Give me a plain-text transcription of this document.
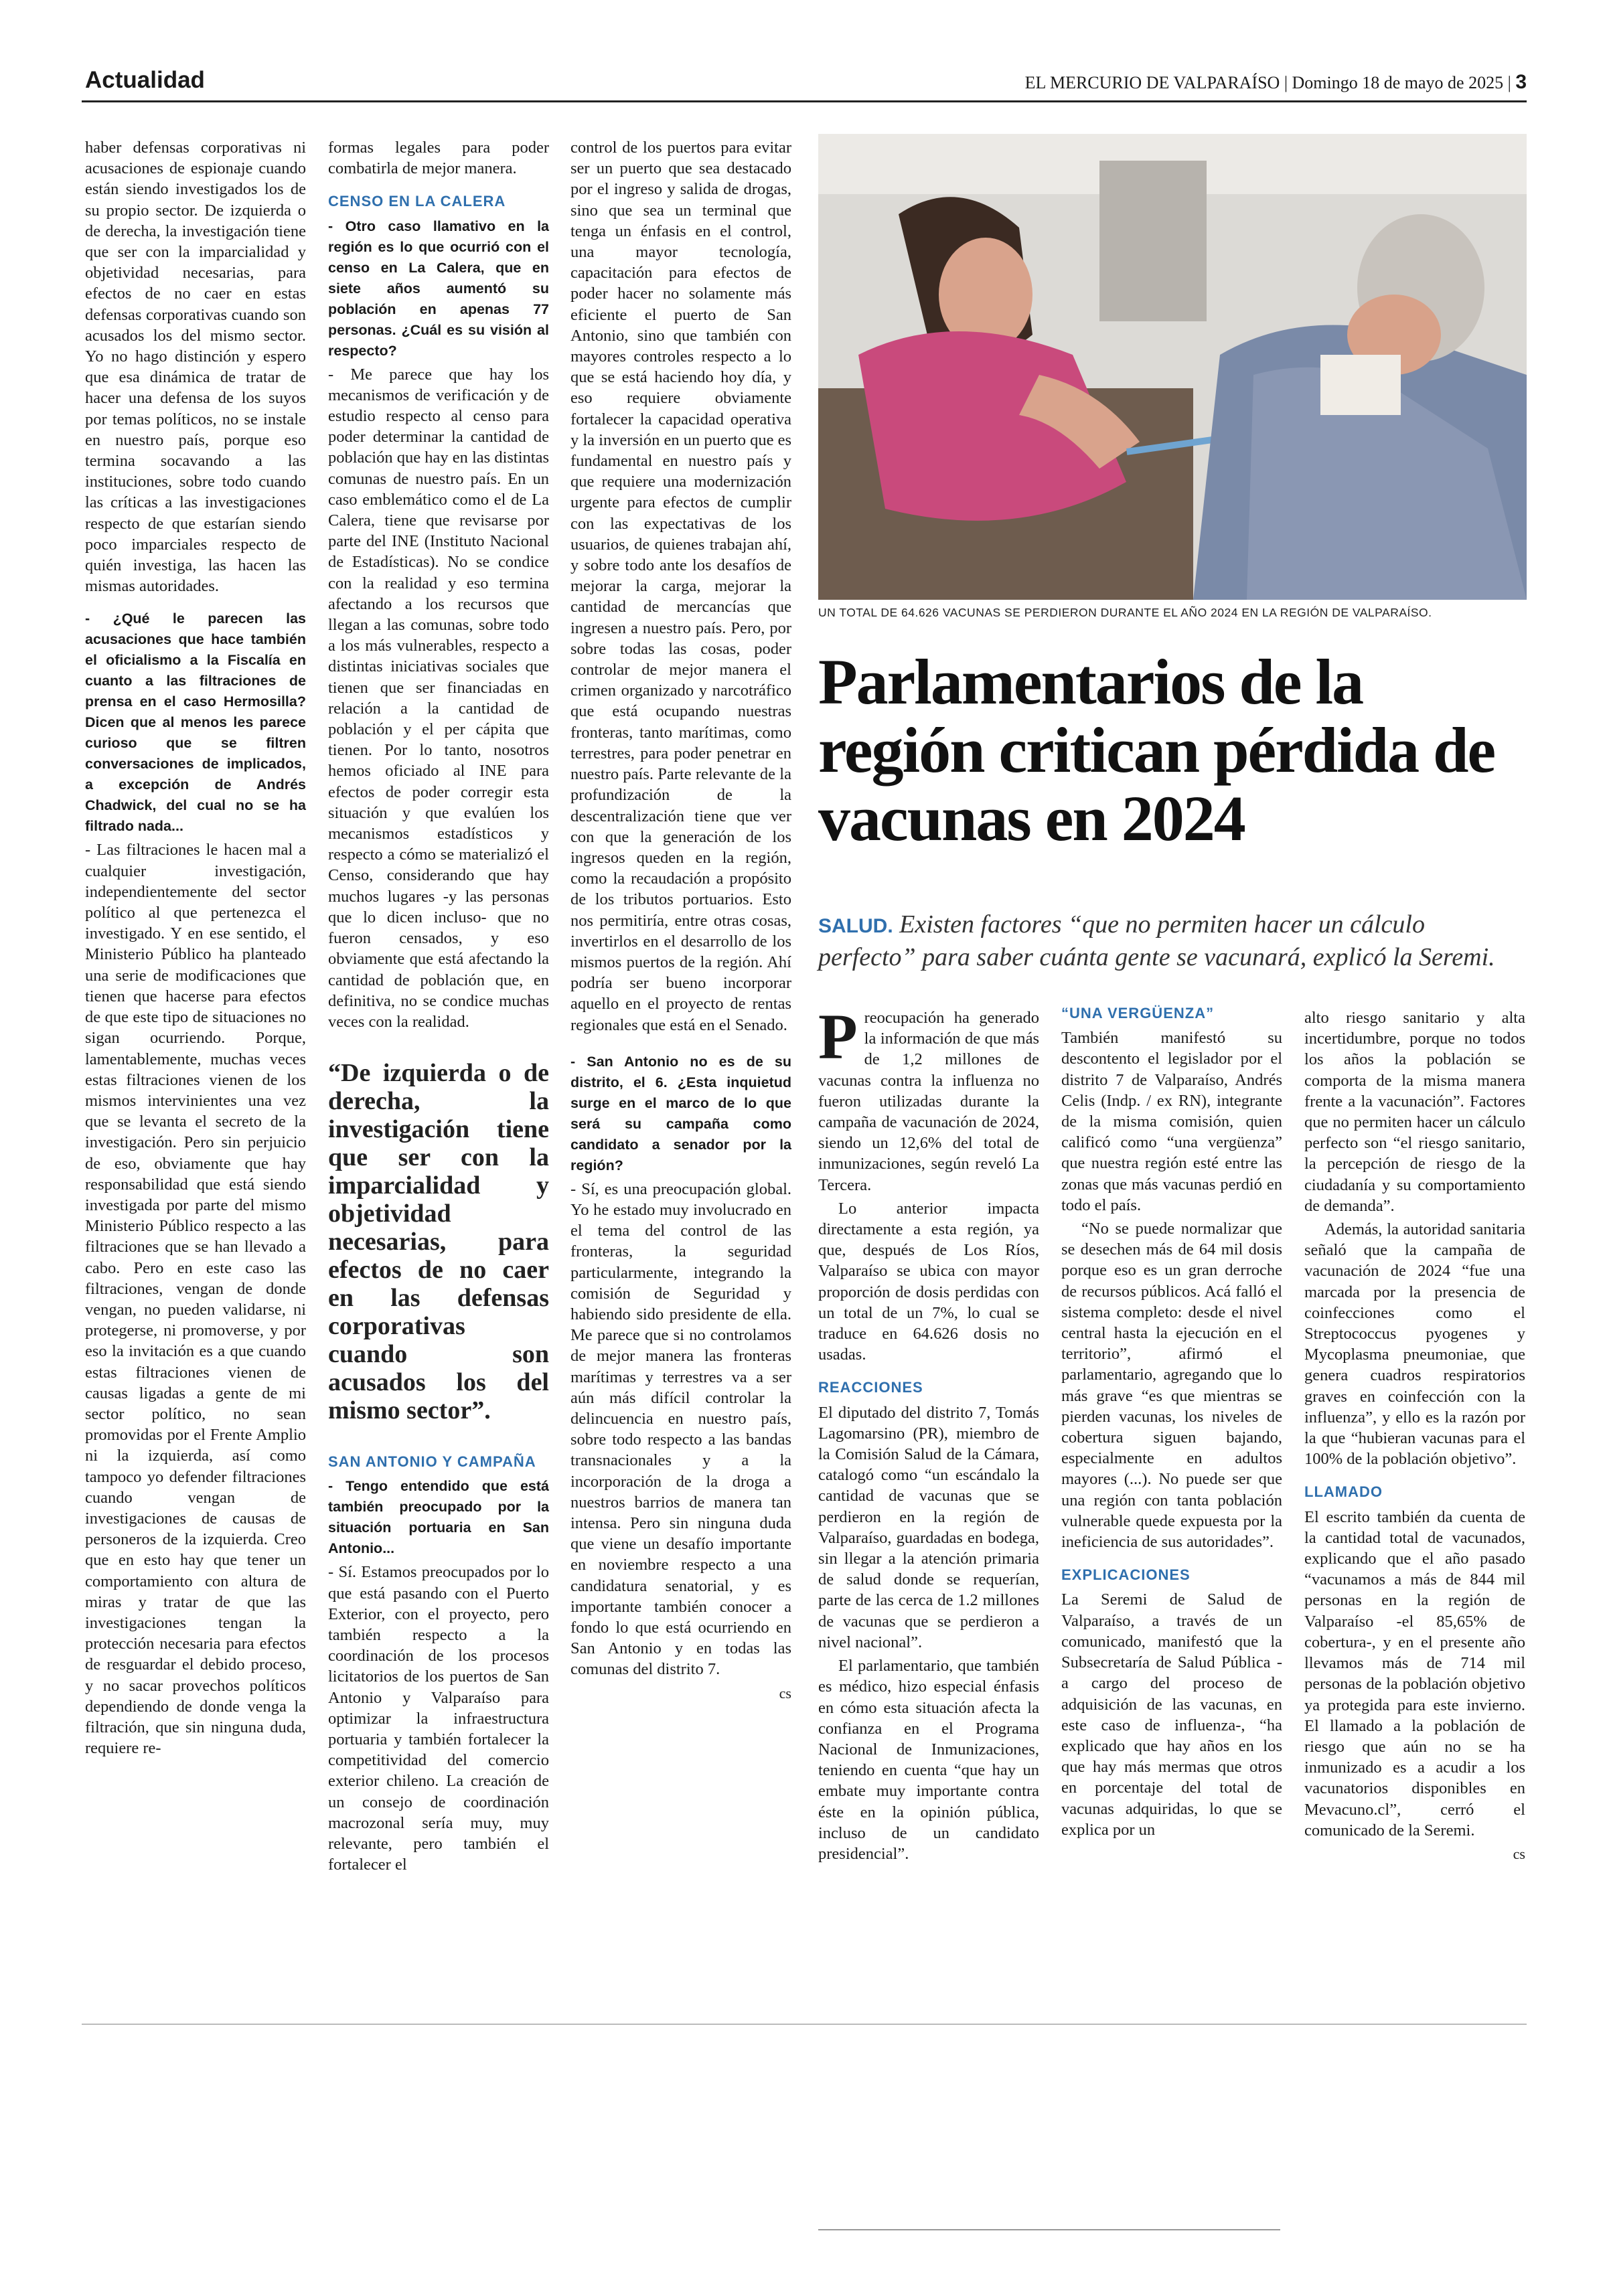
Actualidad	EL MERCURIO DE VALPARAÍSO | Domingo 18 de mayo de 2025 | 3

haber defensas corporativas ni acusaciones de espionaje cuando están siendo investigados los de su propio sector. De izquierda o de derecha, la investigación tiene que ser con la imparcialidad y objetividad necesarias, para efectos de no caer en estas defensas corporativas cuando son acusados los del mismo sector. Yo no hago distinción y espero que esa dinámica de tratar de hacer una defensa de los suyos por temas políticos, no se instale en nuestro país, porque eso termina socavando a las instituciones, sobre todo cuando las críticas a las investigaciones respecto de que estarían siendo poco imparciales respecto de quién investiga, las hacen las mismas autoridades.

- ¿Qué le parecen las acusaciones que hace también el oficialismo a la Fiscalía en cuanto a las filtraciones de prensa en el caso Hermosilla? Dicen que al menos les parece curioso que se filtren conversaciones de implicados, a excepción de Andrés Chadwick, del cual no se ha filtrado nada...

- Las filtraciones le hacen mal a cualquier investigación, independientemente del sector político al que pertenezca el investigado. Y en ese sentido, el Ministerio Público ha planteado una serie de modificaciones que tienen que hacerse para efectos de que este tipo de situaciones no sigan ocurriendo. Porque, lamentablemente, muchas veces estas filtraciones vienen de los mismos intervinientes una vez que se levanta el secreto de la investigación. Pero sin perjuicio de eso, obviamente que hay responsabilidad que está siendo investigada por parte del mismo Ministerio Público respecto a las filtraciones que se han llevado a cabo. Pero en este caso las filtraciones, vengan de donde vengan, no pueden validarse, ni protegerse, ni promoverse, y por eso la invitación es a que cuando estas filtraciones vienen de causas ligadas a gente de mi sector político, no sean promovidas por el Frente Amplio ni la izquierda, así como tampoco yo defender filtraciones cuando vengan de investigaciones de causas de personeros de la izquierda. Creo que en esto hay que tener un comportamiento con altura de miras y tratar de que las investigaciones tengan la protección necesaria para efectos de resguardar el debido proceso, y no sacar provechos políticos dependiendo de donde venga la filtración, que sin ninguna duda, requiere re-

formas legales para poder combatirla de mejor manera.

CENSO EN LA CALERA

- Otro caso llamativo en la región es lo que ocurrió con el censo en La Calera, que en siete años aumentó su población en apenas 77 personas. ¿Cuál es su visión al respecto?

- Me parece que hay los mecanismos de verificación y de estudio respecto al censo para poder determinar la cantidad de población que hay en las distintas comunas de nuestro país. En un caso emblemático como el de La Calera, tiene que revisarse por parte del INE (Instituto Nacional de Estadísticas). No se condice con la realidad y eso termina afectando a los recursos que llegan a las comunas, sobre todo a los más vulnerables, respecto a distintas iniciativas sociales que tienen que ser financiadas en relación a la cantidad de población y el per cápita que tienen. Por lo tanto, nosotros hemos oficiado al INE para efectos de poder corregir esta situación y que evalúen los mecanismos estadísticos y respecto a cómo se materializó el Censo, considerando que hay muchos lugares -y las personas que lo dicen incluso- que no fueron censados, y eso obviamente que está afectando la cantidad de población que, en definitiva, no se condice muchas veces con la realidad.

“De izquierda o de derecha, la investigación tiene que ser con la imparcialidad y objetividad necesarias, para efectos de no caer en las defensas corporativas cuando son acusados los del mismo sector”.
SAN ANTONIO Y CAMPAÑA

- Tengo entendido que está también preocupado por la situación portuaria en San Antonio...

- Sí. Estamos preocupados por lo que está pasando con el Puerto Exterior, con el proyecto, pero también respecto a la coordinación de los procesos licitatorios de los puertos de San Antonio y Valparaíso para optimizar la infraestructura portuaria y también fortalecer la competitividad del comercio exterior chileno. La creación de un consejo de coordinación macrozonal sería muy, muy relevante, pero también el fortalecer el

control de los puertos para evitar ser un puerto que sea destacado por el ingreso y salida de drogas, sino que sea un terminal que tenga un énfasis en el control, una mayor tecnología, capacitación para efectos de poder hacer no solamente más eficiente el puerto de San Antonio, sino que también con mayores controles respecto a lo que se está haciendo hoy día, y eso requiere obviamente fortalecer la capacidad operativa y la inversión en un puerto que es fundamental en nuestro país y que requiere una modernización urgente para efectos de cumplir con las expectativas de los usuarios, de quienes trabajan ahí, y sobre todo ante los desafíos de mejorar la carga, mejorar la cantidad de mercancías que ingresen a nuestro país. Pero, por sobre todas las cosas, poder controlar de mejor manera el crimen organizado y narcotráfico que está ocupando nuestras fronteras, tanto marítimas, como terrestres, para poder penetrar en nuestro país. Parte relevante de la profundización de la descentralización tiene que ver con que la generación de los ingresos queden en la región, como la recaudación a propósito de los tributos portuarios. Esto nos permitiría, entre otras cosas, invertirlos en el desarrollo de los mismos puertos de la región. Ahí podría ser bueno incorporar aquello en el proyecto de rentas regionales que está en el Senado.

- San Antonio no es de su distrito, el 6. ¿Esta inquietud surge en el marco de lo que será su campaña como candidato a senador por la región?

- Sí, es una preocupación global. Yo he estado muy involucrado en el tema del control de las fronteras, la seguridad particularmente, integrando la comisión de Seguridad y habiendo sido presidente de ella. Me parece que si no controlamos de mejor manera las fronteras marítimas y terrestres va a ser aún más difícil controlar la delincuencia en nuestro país, sobre todo respecto a las bandas transnacionales y a la incorporación de la droga a nuestros barrios de manera tan intensa. Pero sin ninguna duda que viene un desafío importante en noviembre respecto a una candidatura senatorial, y es importante también conocer a fondo lo que está ocurriendo en San Antonio y en todas las comunas del distrito 7.

cs
UN TOTAL DE 64.626 VACUNAS SE PERDIERON DURANTE EL AÑO 2024 EN LA REGIÓN DE VALPARAÍSO.
Parlamentarios de la región critican pérdida de vacunas en 2024
SALUD. Existen factores “que no permiten hacer un cálculo perfecto” para saber cuánta gente se vacunará, explicó la Seremi.

Preocupación ha generado la información de que más de 1,2 millones de vacunas contra la influenza no fueron utilizadas durante la campaña de vacunación de 2024, siendo un 12,6% del total de inmunizaciones, según reveló La Tercera.

Lo anterior impacta directamente a esta región, ya que, después de Los Ríos, Valparaíso se ubica con mayor proporción de dosis perdidas con un total de un 7%, lo cual se traduce en 64.626 dosis no usadas.

REACCIONES

El diputado del distrito 7, Tomás Lagomarsino (PR), miembro de la Comisión Salud de la Cámara, catalogó como “un escándalo la cantidad de vacunas que se perdieron en la región de Valparaíso, guardadas en bodega, sin llegar a la atención primaria de salud donde se requerían, parte de las cerca de 1.2 millones de vacunas que se perdieron a nivel nacional”.

El parlamentario, que también es médico, hizo especial énfasis en cómo esta situación afecta la confianza en el Programa Nacional de Inmunizaciones, teniendo en cuenta “que hay un embate muy importante contra éste en la opinión pública, incluso de un candidato presidencial”.

“UNA VERGÜENZA”

También manifestó su descontento el legislador por el distrito 7 de Valparaíso, Andrés Celis (Indp. / ex RN), integrante de la misma comisión, quien calificó como “una vergüenza” que nuestra región esté entre las zonas que más vacunas perdió en todo el país.

“No se puede normalizar que se desechen más de 64 mil dosis porque eso es un gran derroche de recursos públicos. Acá falló el sistema completo: desde el nivel central hasta la ejecución en el territorio”, afirmó el parlamentario, agregando que lo más grave “es que mientras se pierden vacunas, los niveles de cobertura siguen bajando, especialmente en adultos mayores (...). No puede ser que una región con tanta población vulnerable quede expuesta por la ineficiencia de sus autoridades”.

EXPLICACIONES

La Seremi de Salud de Valparaíso, a través de un comunicado, manifestó que la Subsecretaría de Salud Pública - a cargo del proceso de adquisición de las vacunas, en este caso de influenza-, “ha explicado que hay años en los que hay más mermas que otros en porcentaje del total de vacunas adquiridas, lo que se explica por un

alto riesgo sanitario y alta incertidumbre, porque no todos los años la población se comporta de la misma manera frente a la vacunación”. Factores que no permiten hacer un cálculo perfecto son “el riesgo sanitario, la percepción de riesgo de la ciudadanía y su comportamiento de demanda”.

Además, la autoridad sanitaria señaló que la campaña de vacunación de 2024 “fue una marcada por la presencia de coinfecciones como el Streptococcus pyogenes y Mycoplasma pneumoniae, que genera cuadros respiratorios graves en coinfección con la influenza”, y ello es la razón por la que “hubieran vacunas para el 100% de la población objetivo”.

LLAMADO

El escrito también da cuenta de la cantidad total de vacunados, explicando que el año pasado “vacunamos a más de 844 mil personas en la región de Valparaíso -el 85,65% de cobertura-, y en el presente año llevamos más de 714 mil personas de la población objetivo ya protegida para este invierno. El llamado a la población de riesgo que aún no se ha inmunizado es a acudir a los vacunatorios disponibles en Mevacuno.cl”, cerró el comunicado de la Seremi.

cs
